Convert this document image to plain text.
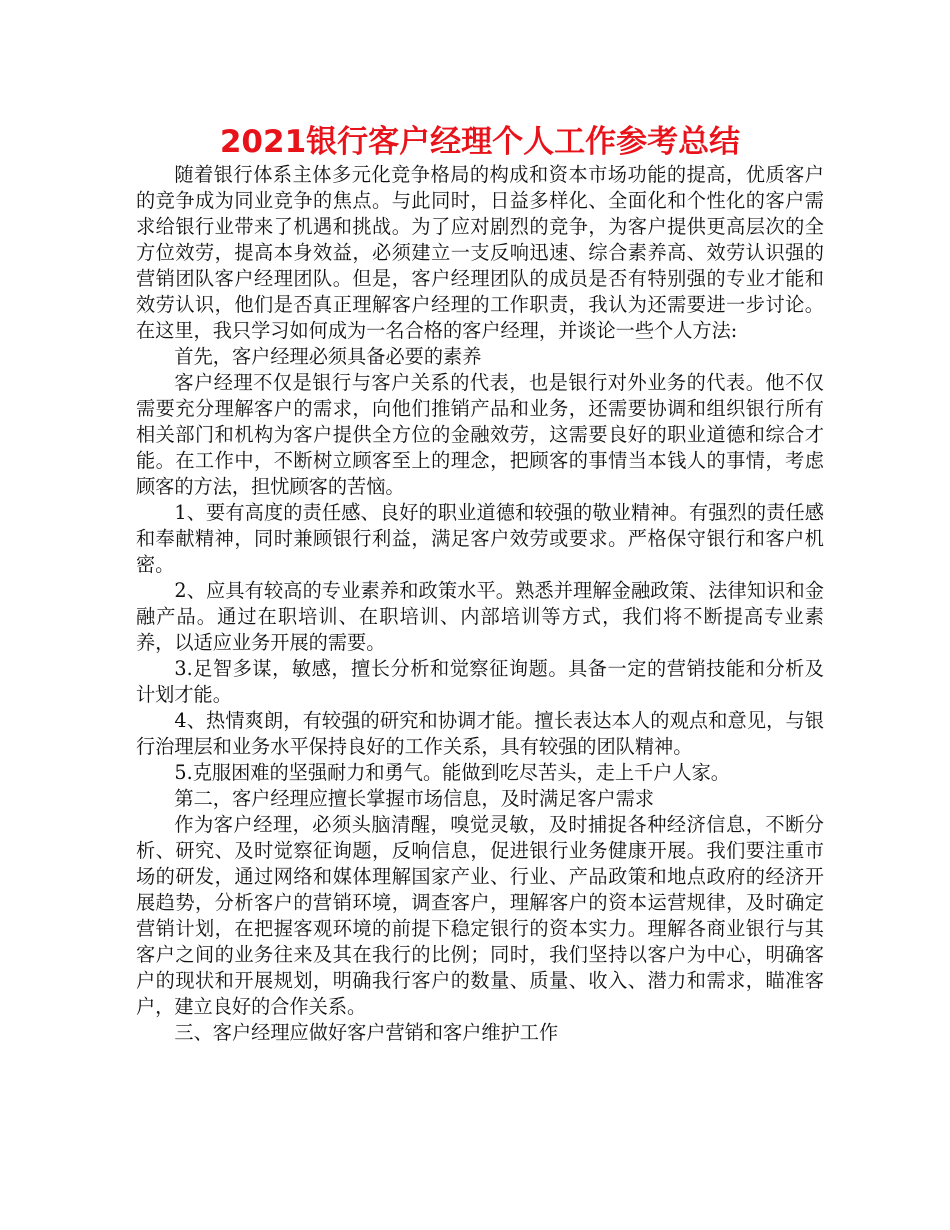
2021银行客户经理个人工作参考总结

随着银行体系主体多元化竞争格局的构成和资本市场功能的提高，优质客户的竞争成为同业竞争的焦点。与此同时，日益多样化、全面化和个性化的客户需求给银行业带来了机遇和挑战。为了应对剧烈的竞争，为客户提供更高层次的全方位效劳，提高本身效益，必须建立一支反响迅速、综合素养高、效劳认识强的营销团队客户经理团队。但是，客户经理团队的成员是否有特别强的专业才能和效劳认识，他们是否真正理解客户经理的工作职责，我认为还需要进一步讨论。在这里，我只学习如何成为一名合格的客户经理，并谈论一些个人方法:

首先，客户经理必须具备必要的素养

客户经理不仅是银行与客户关系的代表，也是银行对外业务的代表。他不仅需要充分理解客户的需求，向他们推销产品和业务，还需要协调和组织银行所有相关部门和机构为客户提供全方位的金融效劳，这需要良好的职业道德和综合才能。在工作中，不断树立顾客至上的理念，把顾客的事情当本钱人的事情，考虑顾客的方法，担忧顾客的苦恼。

1、要有高度的责任感、良好的职业道德和较强的敬业精神。有强烈的责任感和奉献精神，同时兼顾银行利益，满足客户效劳或要求。严格保守银行和客户机密。

2、应具有较高的专业素养和政策水平。熟悉并理解金融政策、法律知识和金融产品。通过在职培训、在职培训、内部培训等方式，我们将不断提高专业素养，以适应业务开展的需要。

3.足智多谋，敏感，擅长分析和觉察征询题。具备一定的营销技能和分析及计划才能。

4、热情爽朗，有较强的研究和协调才能。擅长表达本人的观点和意见，与银行治理层和业务水平保持良好的工作关系，具有较强的团队精神。

5.克服困难的坚强耐力和勇气。能做到吃尽苦头，走上千户人家。

第二，客户经理应擅长掌握市场信息，及时满足客户需求

作为客户经理，必须头脑清醒，嗅觉灵敏，及时捕捉各种经济信息，不断分析、研究、及时觉察征询题，反响信息，促进银行业务健康开展。我们要注重市场的研发，通过网络和媒体理解国家产业、行业、产品政策和地点政府的经济开展趋势，分析客户的营销环境，调查客户，理解客户的资本运营规律，及时确定营销计划，在把握客观环境的前提下稳定银行的资本实力。理解各商业银行与其客户之间的业务往来及其在我行的比例；同时，我们坚持以客户为中心，明确客户的现状和开展规划，明确我行客户的数量、质量、收入、潜力和需求，瞄准客户，建立良好的合作关系。

三、客户经理应做好客户营销和客户维护工作
